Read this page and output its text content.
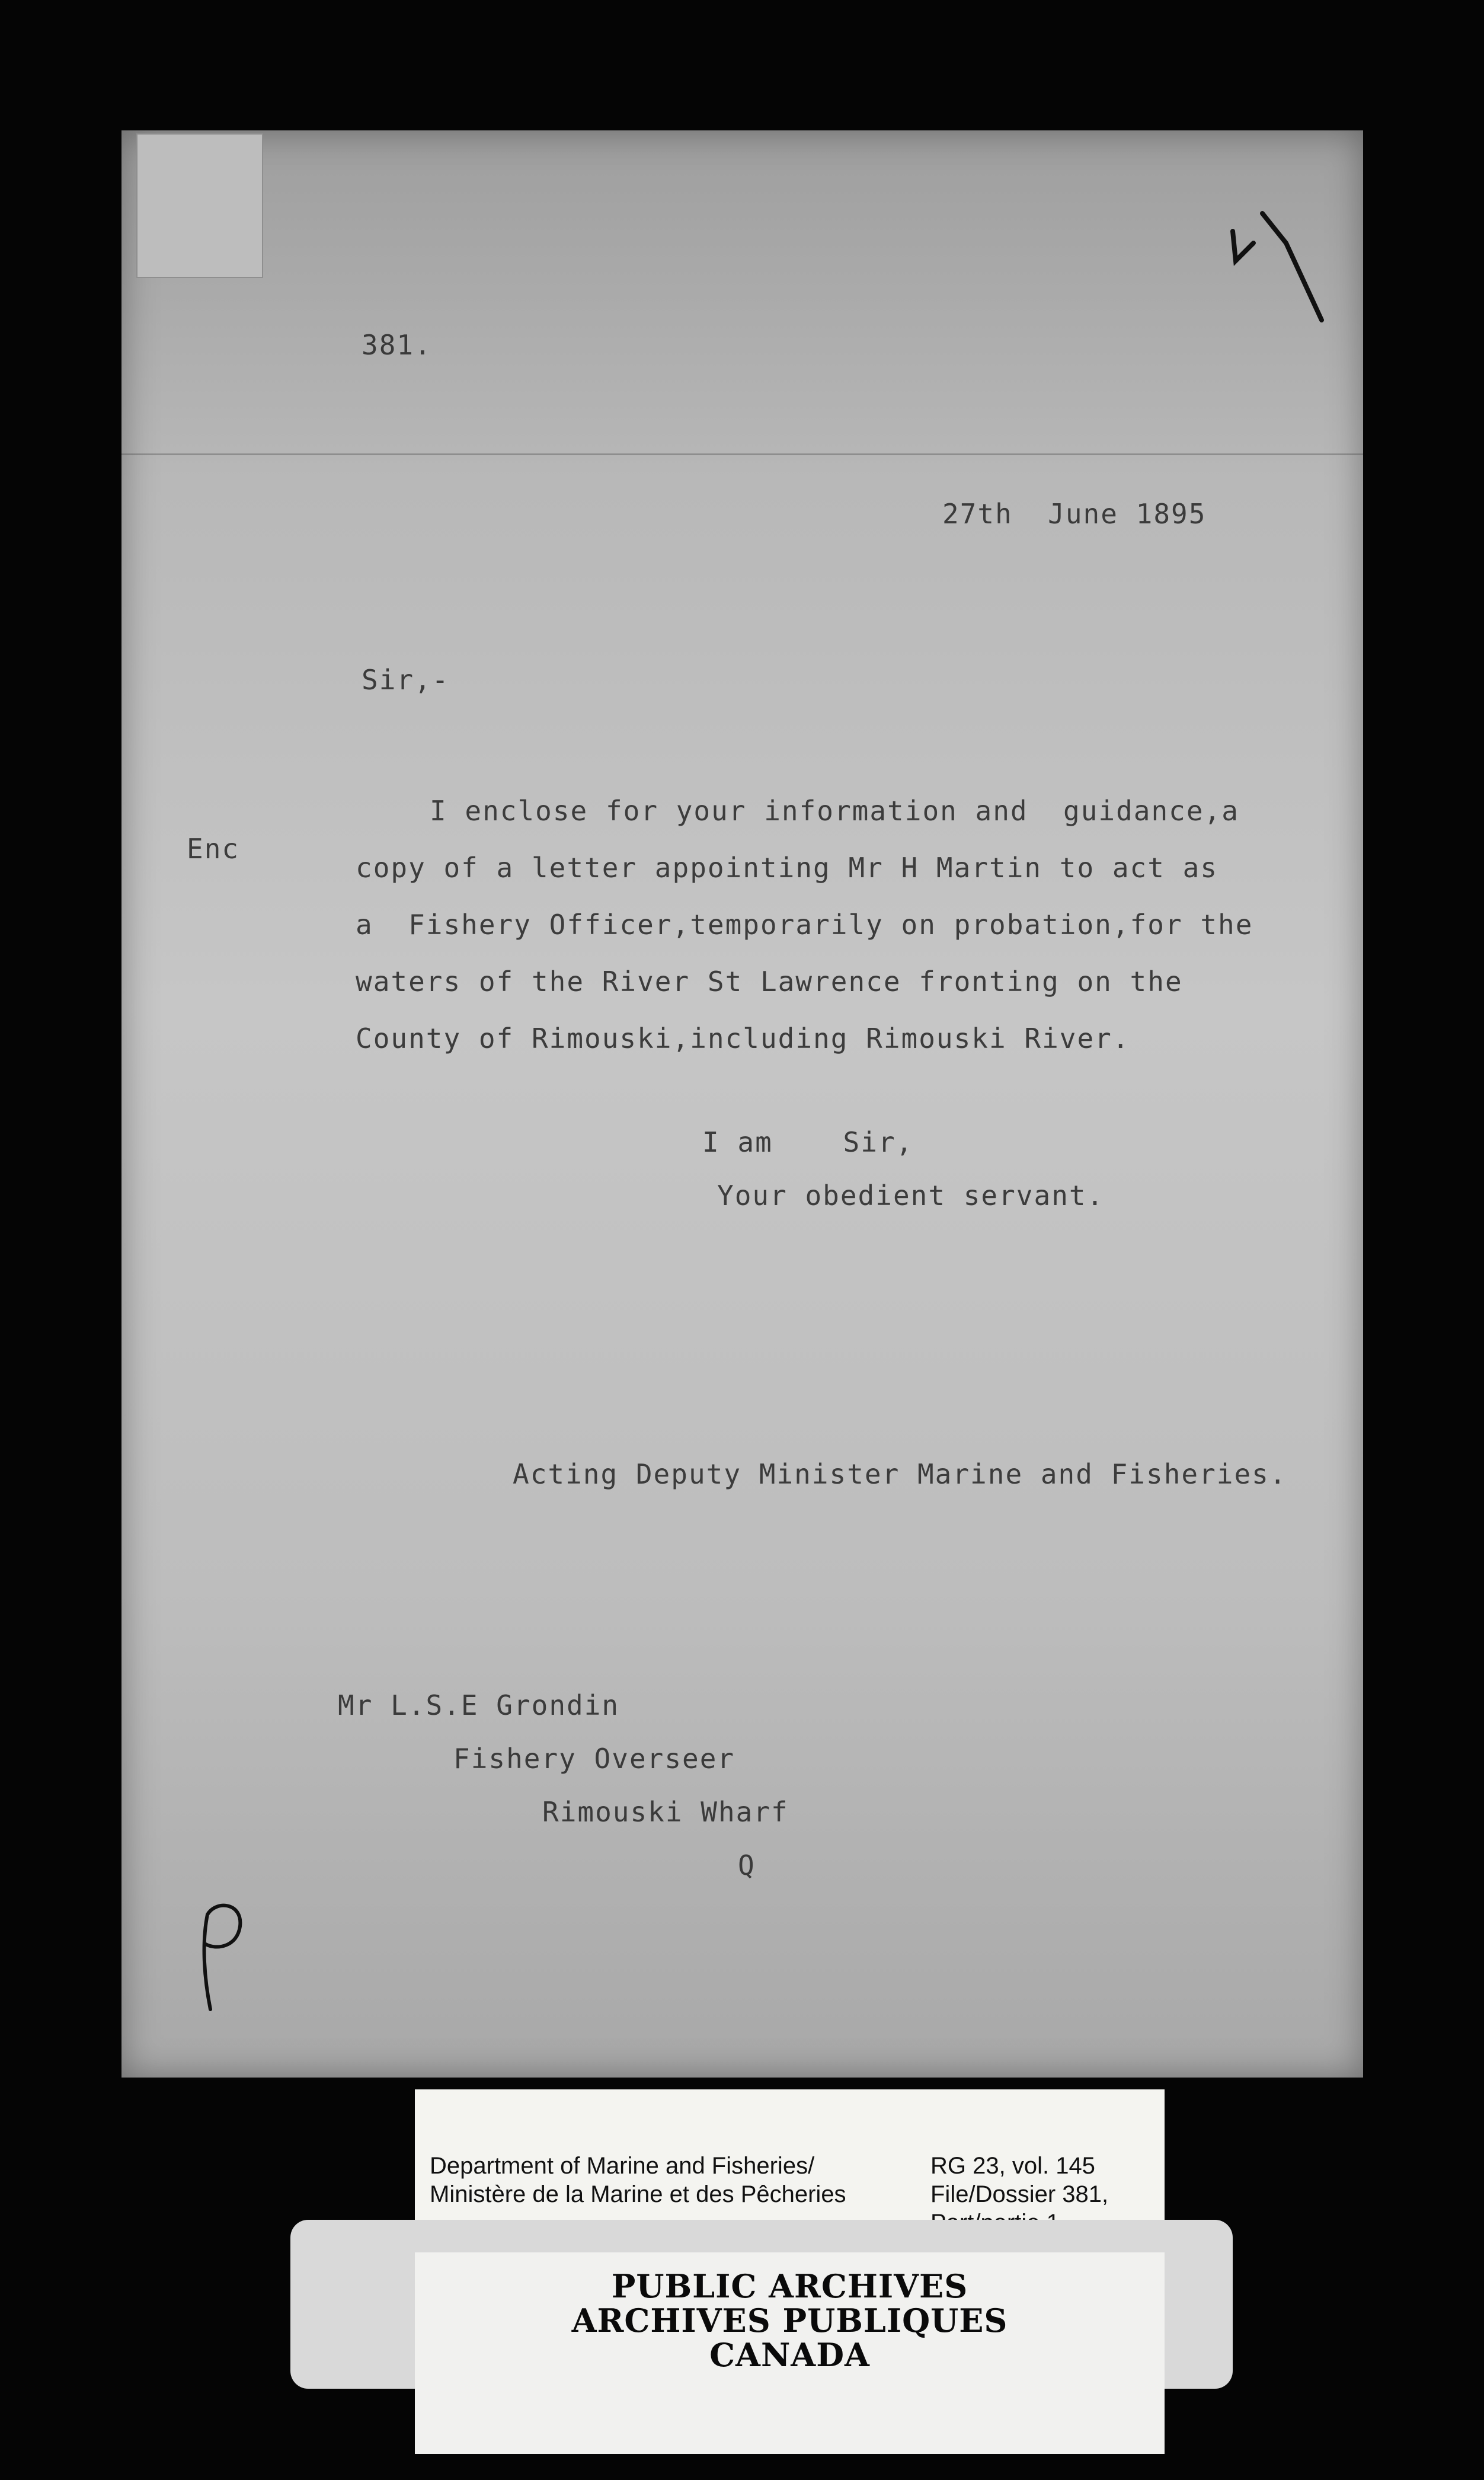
381.

27th  June 1895

Sir,-

Enc

I enclose for your information and  guidance,a

copy of a letter appointing Mr H Martin to act as

a  Fishery Officer,temporarily on probation,for the

waters of the River St Lawrence fronting on the

County of Rimouski,including Rimouski River.

I am    Sir,

Your obedient servant.

Acting Deputy Minister Marine and Fisheries.

Mr L.S.E Grondin

Fishery Overseer

Rimouski Wharf

Q

Department of Marine and Fisheries/

Ministère de la Marine et des Pêcheries

RG 23, vol. 145

File/Dossier 381,

PUBLIC ARCHIVES

ARCHIVES PUBLIQUES

CANADA
